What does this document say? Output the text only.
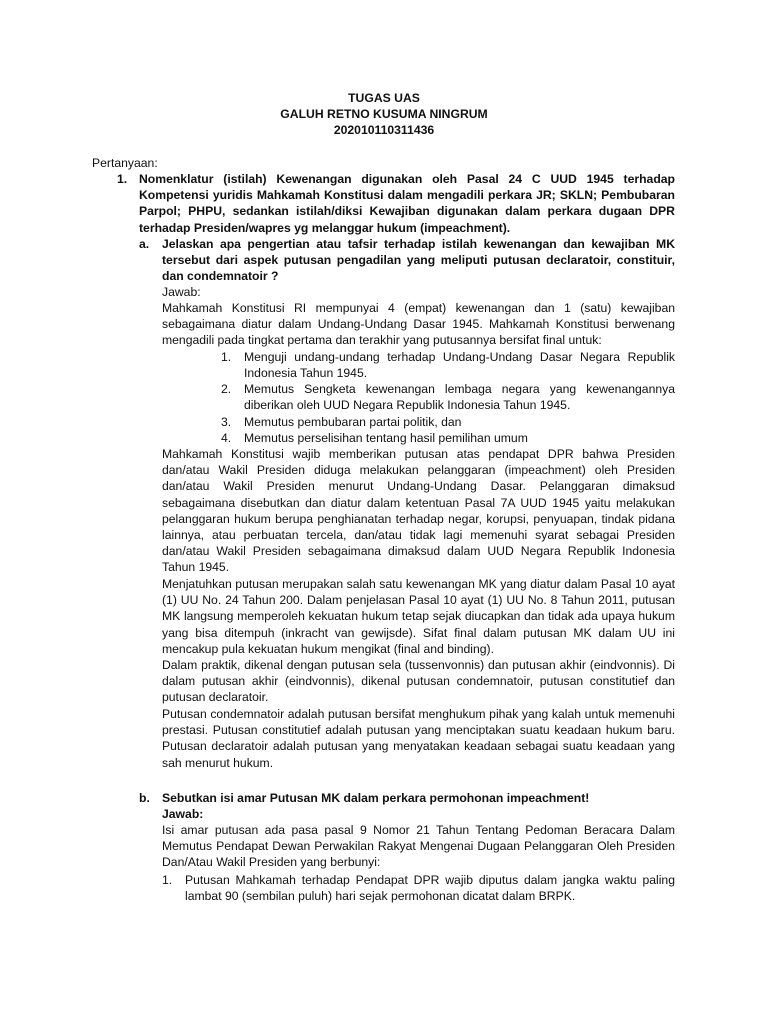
TUGAS UAS
GALUH RETNO KUSUMA NINGRUM
202010110311436
Pertanyaan:
1. Nomenklatur (istilah) Kewenangan digunakan oleh Pasal 24 C UUD 1945 terhadap Kompetensi yuridis Mahkamah Konstitusi dalam mengadili perkara JR; SKLN; Pembubaran Parpol; PHPU, sedankan istilah/diksi Kewajiban digunakan dalam perkara dugaan DPR terhadap Presiden/wapres yg melanggar hukum (impeachment).

a. Jelaskan apa pengertian atau tafsir terhadap istilah kewenangan dan kewajiban MK tersebut dari aspek putusan pengadilan yang meliputi putusan declaratoir, constituir, dan condemnatoir ?

Jawab:

Mahkamah Konstitusi RI mempunyai 4 (empat) kewenangan dan 1 (satu) kewajiban sebagaimana diatur dalam Undang-Undang Dasar 1945. Mahkamah Konstitusi berwenang mengadili pada tingkat pertama dan terakhir yang putusannya bersifat final untuk:

1. Menguji undang-undang terhadap Undang-Undang Dasar Negara Republik Indonesia Tahun 1945.

2. Memutus Sengketa kewenangan lembaga negara yang kewenangannya diberikan oleh UUD Negara Republik Indonesia Tahun 1945.

3. Memutus pembubaran partai politik, dan

4. Memutus perselisihan tentang hasil pemilihan umum

Mahkamah Konstitusi wajib memberikan putusan atas pendapat DPR bahwa Presiden dan/atau Wakil Presiden diduga melakukan pelanggaran (impeachment) oleh Presiden dan/atau Wakil Presiden menurut Undang-Undang Dasar. Pelanggaran dimaksud sebagaimana disebutkan dan diatur dalam ketentuan Pasal 7A UUD 1945 yaitu melakukan pelanggaran hukum berupa penghianatan terhadap negar, korupsi, penyuapan, tindak pidana lainnya, atau perbuatan tercela, dan/atau tidak lagi memenuhi syarat sebagai Presiden dan/atau Wakil Presiden sebagaimana dimaksud dalam UUD Negara Republik Indonesia Tahun 1945.

Menjatuhkan putusan merupakan salah satu kewenangan MK yang diatur dalam Pasal 10 ayat (1) UU No. 24 Tahun 200. Dalam penjelasan Pasal 10 ayat (1) UU No. 8 Tahun 2011, putusan MK langsung memperoleh kekuatan hukum tetap sejak diucapkan dan tidak ada upaya hukum yang bisa ditempuh (inkracht van gewijsde). Sifat final dalam putusan MK dalam UU ini mencakup pula kekuatan hukum mengikat (final and binding).

Dalam praktik, dikenal dengan putusan sela (tussenvonnis) dan putusan akhir (eindvonnis). Di dalam putusan akhir (eindvonnis), dikenal putusan condemnatoir, putusan constitutief dan putusan declaratoir.

Putusan condemnatoir adalah putusan bersifat menghukum pihak yang kalah untuk memenuhi prestasi. Putusan constitutief adalah putusan yang menciptakan suatu keadaan hukum baru. Putusan declaratoir adalah putusan yang menyatakan keadaan sebagai suatu keadaan yang sah menurut hukum.

b. Sebutkan isi amar Putusan MK dalam perkara permohonan impeachment!

Jawab:

Isi amar putusan ada pasa pasal 9 Nomor 21 Tahun Tentang Pedoman Beracara Dalam Memutus Pendapat Dewan Perwakilan Rakyat Mengenai Dugaan Pelanggaran Oleh Presiden Dan/Atau Wakil Presiden yang berbunyi:

1. Putusan Mahkamah terhadap Pendapat DPR wajib diputus dalam jangka waktu paling lambat 90 (sembilan puluh) hari sejak permohonan dicatat dalam BRPK.
